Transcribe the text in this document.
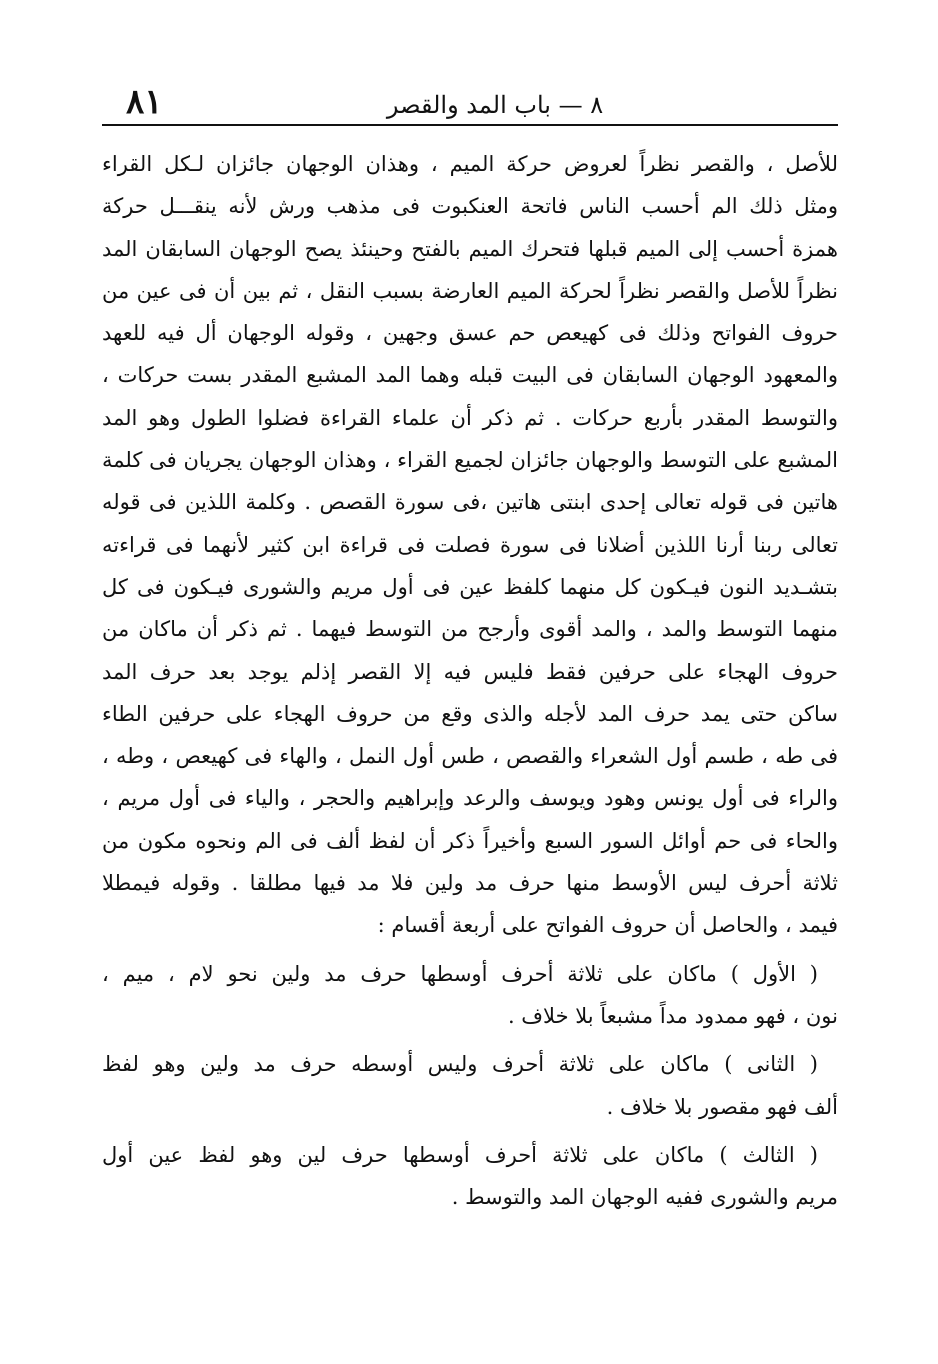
٨١	٨ — باب المد والقصر
للأصل ، والقصر نظراً لعروض حركة الميم ، وهذان الوجهان جائزان لـكل القراء
ومثل ذلك الم أحسب الناس فاتحة العنكبوت فى مذهب ورش لأنه ينقـــل حركة
همزة أحسب إلى الميم قبلها فتحرك الميم بالفتح وحينئذ يصح الوجهان السابقان المد
نظراً للأصل والقصر نظراً لحركة الميم العارضة بسبب النقل ، ثم بين أن فى عين من
حروف الفواتح وذلك فى كهيعص حم عسق وجهين ، وقوله الوجهان أل فيه للعهد
والمعهود الوجهان السابقان فى البيت قبله وهما المد المشبع المقدر بست حركات ،
والتوسط المقدر بأربع حركات . ثم ذكر أن علماء القراءة فضلوا الطول وهو المد
المشبع على التوسط والوجهان جائزان لجميع القراء ، وهذان الوجهان يجريان فى كلمة
هاتين فى قوله تعالى إحدى ابنتى هاتين ،فى سورة القصص . وكلمة اللذين فى قوله
تعالى ربنا أرنا اللذين أضلانا فى سورة فصلت فى قراءة ابن كثير لأنهما فى قراءته
بتشـديد النون فيـكون كل منهما كلفظ عين فى أول مريم والشورى فيـكون فى كل
منهما التوسط والمد ، والمد أقوى وأرجح من التوسط فيهما . ثم ذكر أن ماكان من
حروف الهجاء على حرفين فقط فليس فيه إلا القصر إذلم يوجد بعد حرف المد
ساكن حتى يمد حرف المد لأجله والذى وقع من حروف الهجاء على حرفين الطاء
فى طه ، طسم أول الشعراء والقصص ، طس أول النمل ، والهاء فى كهيعص ، وطه ،
والراء فى أول يونس وهود ويوسف والرعد وإبراهيم والحجر ، والياء فى أول مريم ،
والحاء فى حم أوائل السور السبع وأخيراً ذكر أن لفظ ألف فى الم ونحوه مكون من
ثلاثة أحرف ليس الأوسط منها حرف مد ولين فلا مد فيها مطلقا . وقوله فيمطلا
فيمد ، والحاصل أن حروف الفواتح على أربعة أقسام :
( الأول ) ماكان على ثلاثة أحرف أوسطها حرف مد ولين نحو لام ، ميم ،
نون ، فهو ممدود مداً مشبعاً بلا خلاف .
( الثانى ) ماكان على ثلاثة أحرف وليس أوسطه حرف مد ولين وهو لفظ
ألف فهو مقصور بلا خلاف .
( الثالث ) ماكان على ثلاثة أحرف أوسطها حرف لين وهو لفظ عين أول
مريم والشورى ففيه الوجهان المد والتوسط .
